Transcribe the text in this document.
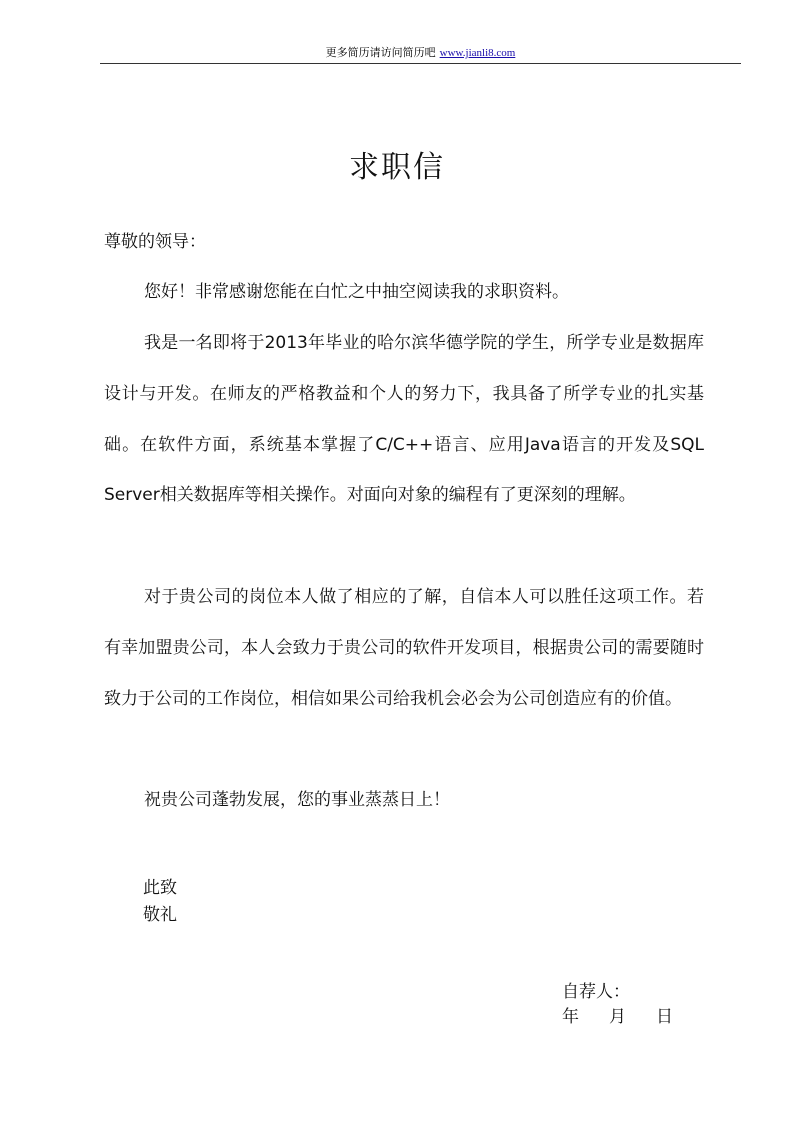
更多简历请访问简历吧 www.jianli8.com
求职信
尊敬的领导：

您好！非常感谢您能在白忙之中抽空阅读我的求职资料。

我是一名即将于2013年毕业的哈尔滨华德学院的学生，所学专业是数据库设计与开发。在师友的严格教益和个人的努力下，我具备了所学专业的扎实基础。在软件方面，系统基本掌握了C/C++语言、应用Java语言的开发及SQL Server相关数据库等相关操作。对面向对象的编程有了更深刻的理解。

对于贵公司的岗位本人做了相应的了解，自信本人可以胜任这项工作。若有幸加盟贵公司，本人会致力于贵公司的软件开发项目，根据贵公司的需要随时致力于公司的工作岗位，相信如果公司给我机会必会为公司创造应有的价值。

祝贵公司蓬勃发展，您的事业蒸蒸日上！

此致
敬礼
自荐人：
年 月 日
